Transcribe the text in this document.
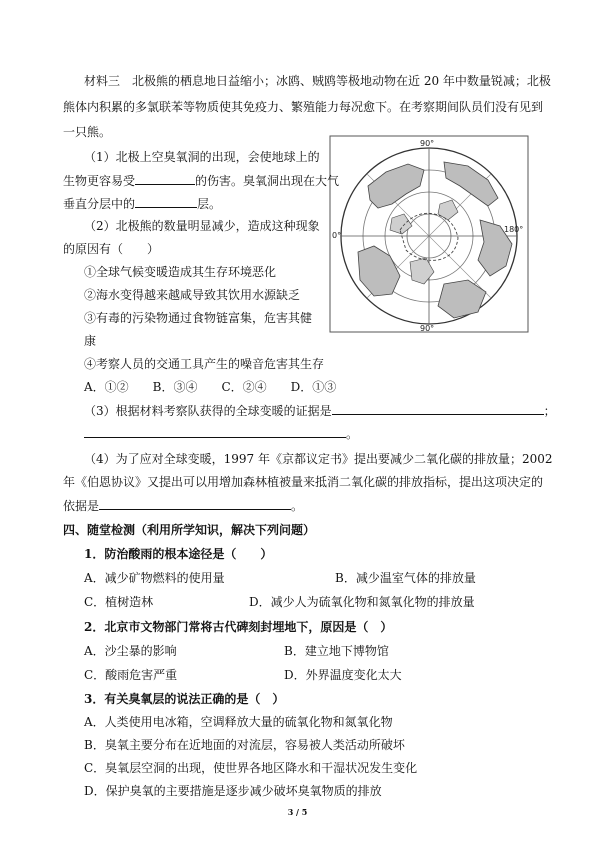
材料三　北极熊的栖息地日益缩小；冰鸥、贼鸥等极地动物在近 20 年中数量锐减；北极
熊体内积累的多氯联苯等物质使其免疫力、繁殖能力每况愈下。在考察期间队员们没有见到
一只熊。
90°
0°
180°
90°
（1）北极上空臭氧洞的出现，会使地球上的
生物更容易受	的伤害。臭氧洞出现在大气
垂直分层中的	层。
（2）北极熊的数量明显减少，造成这种现象
的原因有（　　）
①全球气候变暖造成其生存环境恶化
②海水变得越来越咸导致其饮用水源缺乏
③有毒的污染物通过食物链富集，危害其健
康
④考察人员的交通工具产生的噪音危害其生存
A．①②　　B．③④　　C．②④　　D．①③
（3）根据材料考察队获得的全球变暖的证据是	；
。
（4）为了应对全球变暖，1997 年《京都议定书》提出要减少二氧化碳的排放量；2002
年《伯恩协议》又提出可以用增加森林植被量来抵消二氧化碳的排放指标，提出这项决定的
依据是	。
四、随堂检测（利用所学知识，解决下列问题）
1．防治酸雨的根本途径是（　　）
A．减少矿物燃料的使用量	B．减少温室气体的排放量
C．植树造林	D．减少人为硫氧化物和氮氧化物的排放量
2．北京市文物部门常将古代碑刻封埋地下，原因是（　）
A．沙尘暴的影响	B．建立地下博物馆
C．酸雨危害严重	D．外界温度变化太大
3．有关臭氧层的说法正确的是（　）
A．人类使用电冰箱，空调释放大量的硫氧化物和氮氧化物
B．臭氧主要分布在近地面的对流层，容易被人类活动所破坏
C．臭氧层空洞的出现，使世界各地区降水和干湿状况发生变化
D．保护臭氧的主要措施是逐步减少破坏臭氧物质的排放
3 / 5
